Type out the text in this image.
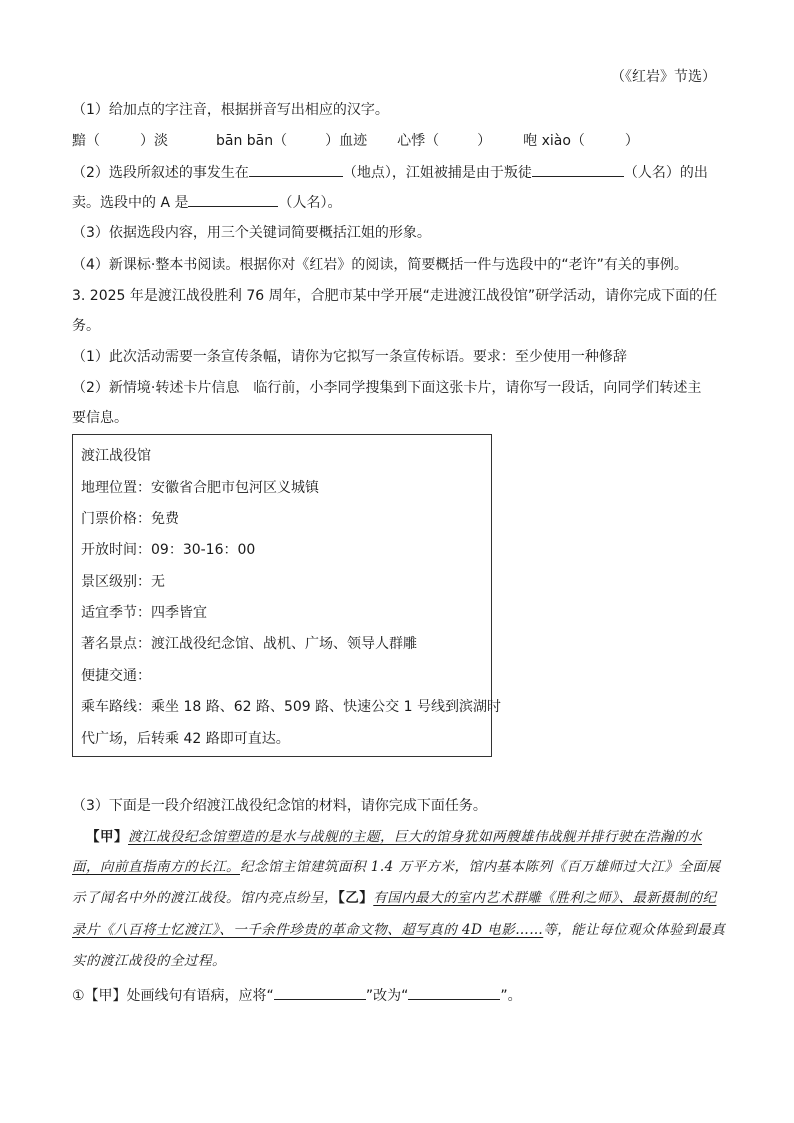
（《红岩》节选）
（1）给加点的字注音，根据拼音写出相应的汉字。
黯（	）淡	bān bān（	）血迹 心悸（	） 咆 xiào（	）
（2）选段所叙述的事发生在	（地点），江姐被捕是由于叛徒	（人名）的出
卖。选段中的 A 是	（人名）。
（3）依据选段内容，用三个关键词简要概括江姐的形象。
（4）新课标·整本书阅读。根据你对《红岩》的阅读，简要概括一件与选段中的“老许”有关的事例。
3. 2025 年是渡江战役胜利 76 周年，合肥市某中学开展“走进渡江战役馆”研学活动，请你完成下面的任
务。
（1）此次活动需要一条宣传条幅，请你为它拟写一条宣传标语。要求：至少使用一种修辞
（2）新情境·转述卡片信息　临行前，小李同学搜集到下面这张卡片，请你写一段话，向同学们转述主
要信息。
渡江战役馆
地理位置：安徽省合肥市包河区义城镇
门票价格：免费
开放时间：09：30-16：00
景区级别：无
适宜季节：四季皆宜
著名景点：渡江战役纪念馆、战机、广场、领导人群雕
便捷交通：
乘车路线：乘坐 18 路、62 路、509 路、快速公交 1 号线到滨湖时
代广场，后转乘 42 路即可直达。
（3）下面是一段介绍渡江战役纪念馆的材料，请你完成下面任务。
【甲】渡江战役纪念馆塑造的是水与战舰的主题，巨大的馆身犹如两艘雄伟战舰并排行驶在浩瀚的水
面，向前直指南方的长江。纪念馆主馆建筑面积 1.4 万平方米，馆内基本陈列《百万雄师过大江》全面展
示了闻名中外的渡江战役。馆内亮点纷呈，【乙】有国内最大的室内艺术群雕《胜利之师》、最新摄制的纪
录片《八百将士忆渡江》、一千余件珍贵的革命文物、超写真的 4D 电影……等，能让每位观众体验到最真
实的渡江战役的全过程。
①【甲】处画线句有语病，应将“	”改为“	”。
